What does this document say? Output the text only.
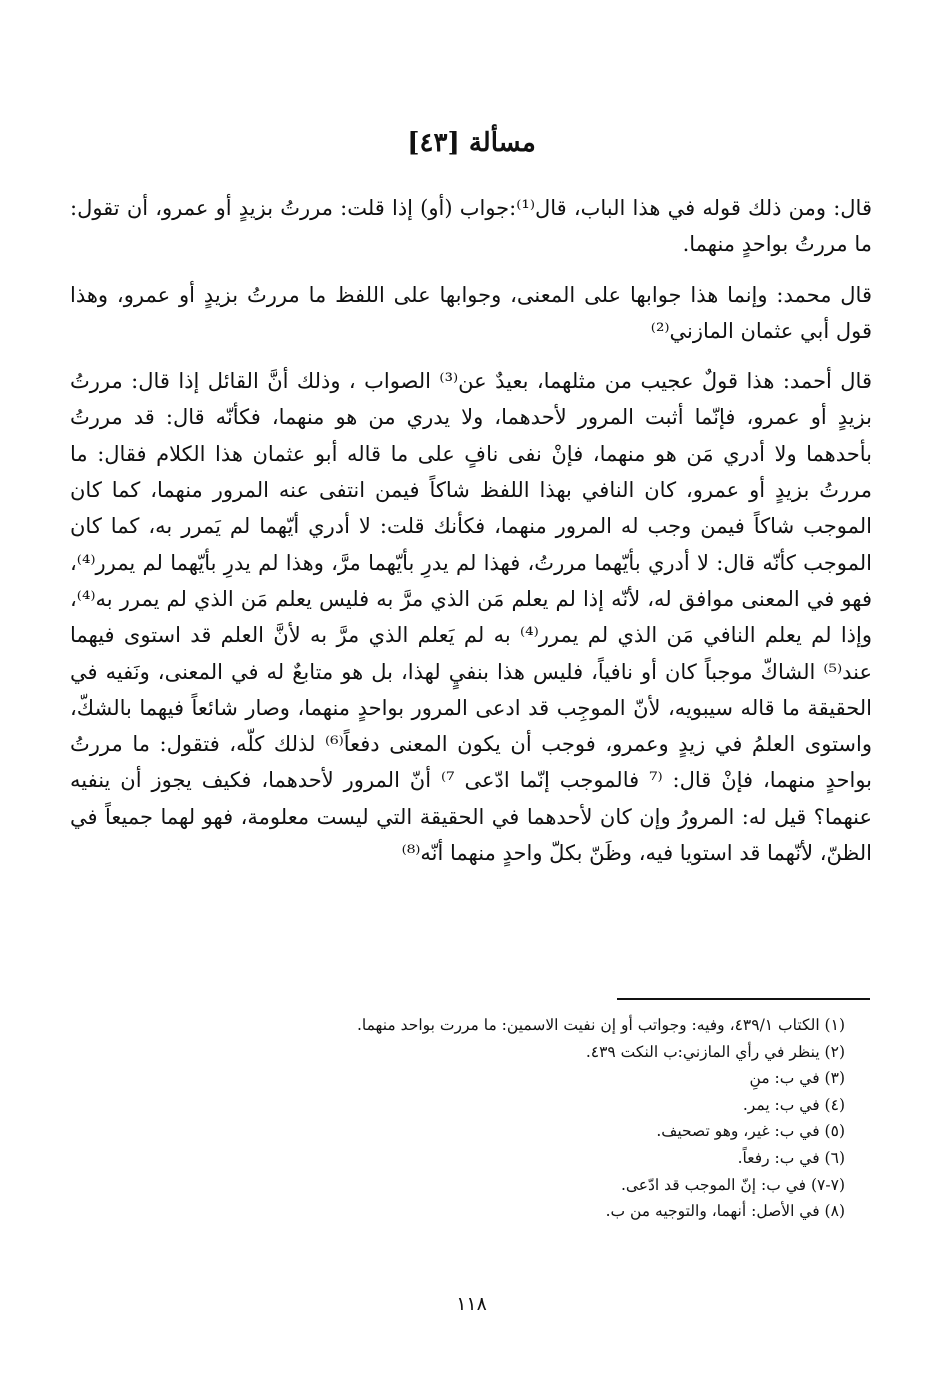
مسألة [٤٣]

قال: ومن ذلك قوله في هذا الباب، قال⁽¹⁾:جواب (أو) إذا قلت: مررتُ بزيدٍ أو عمرو، أن تقول: ما مررتُ بواحدٍ منهما.

قال محمد: وإنما هذا جوابها على المعنى، وجوابها على اللفظ ما مررتُ بزيدٍ أو عمرو، وهذا قول أبي عثمان المازني⁽²⁾

قال أحمد: هذا قولٌ عجيب من مثلهما، بعيدٌ عن⁽³⁾ الصواب ، وذلك أنَّ القائل إذا قال: مررتُ بزيدٍ أو عمرو، فإنّما أثبت المرور لأحدهما، ولا يدري من هو منهما، فكأنّه قال: قد مررتُ بأحدهما ولا أدري مَن هو منهما، فإنْ نفى نافٍ على ما قاله أبو عثمان هذا الكلام فقال: ما مررتُ بزيدٍ أو عمرو، كان النافي بهذا اللفظ شاكاً فيمن انتفى عنه المرور منهما، كما كان الموجب شاكاً فيمن وجب له المرور منهما، فكأنك قلت: لا أدري أيّهما لم يَمرر به، كما كان الموجب كأنّه قال: لا أدري بأيّهما مررتُ، فهذا لم يدرِ بأيّهما مرَّ، وهذا لم يدرِ بأيّهما لم يمرر⁽⁴⁾، فهو في المعنى موافق له، لأنّه إذا لم يعلم مَن الذي مرَّ به فليس يعلم مَن الذي لم يمرر به⁽⁴⁾، وإذا لم يعلم النافي مَن الذي لم يمرر⁽⁴⁾ به لم يَعلم الذي مرَّ به لأنَّ العلم قد استوى فيهما عند⁽⁵⁾ الشاكّ موجباً كان أو نافياً، فليس هذا بنفيٍ لهذا، بل هو متابعٌ له في المعنى، ونَفيه في الحقيقة ما قاله سيبويه، لأنّ الموجِب قد ادعى المرور بواحدٍ منهما، وصار شائعاً فيهما بالشكّ، واستوى العلمُ في زيدٍ وعمرو، فوجب أن يكون المعنى دفعاً⁽⁶⁾ لذلك كلّه، فتقول: ما مررتُ بواحدٍ منهما، فإنْ قال: ⁽⁷ فالموجب إنّما ادّعى ⁷⁾ أنّ المرور لأحدهما، فكيف يجوز أن ينفيه عنهما؟ قيل له: المرورُ وإن كان لأحدهما في الحقيقة التي ليست معلومة، فهو لهما جميعاً في الظنّ، لأنّهما قد استويا فيه، وظَنّ بكلّ واحدٍ منهما أنّه⁽⁸⁾

(١) الكتاب ٤٣٩/١، وفيه: وجواتب أو إن نفيت الاسمين: ما مررت بواحد منهما.

(٢) ينظر في رأي المازني:ب النكت ٤٣٩.

(٣) في ب: منِ

(٤) في ب: يمر.

(٥) في ب: غير، وهو تصحيف.

(٦) في ب: رفعاً.

(٧-٧) في ب: إنّ الموجب قد ادّعى.

(٨) في الأصل: أنهما، والتوجيه من ب.

١١٨
